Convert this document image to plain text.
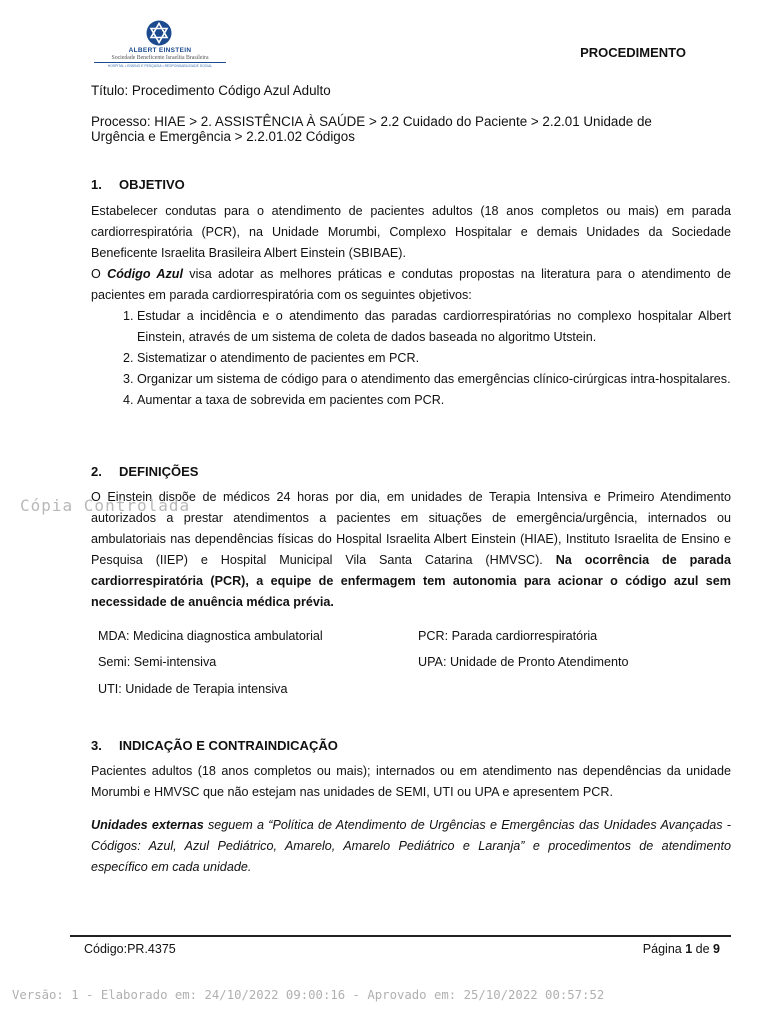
ALBERT EINSTEIN
Sociedade Beneficente Israelita Brasileira
HOSPITAL • ENSINO E PESQUISA • RESPONSABILIDADE SOCIAL
PROCEDIMENTO
Título: Procedimento Código Azul Adulto
Processo: HIAE > 2. ASSISTÊNCIA À SAÚDE > 2.2 Cuidado do Paciente > 2.2.01 Unidade de Urgência e Emergência > 2.2.01.02 Códigos
1. OBJETIVO
Estabelecer condutas para o atendimento de pacientes adultos (18 anos completos ou mais) em parada cardiorrespiratória (PCR), na Unidade Morumbi, Complexo Hospitalar e demais Unidades da Sociedade Beneficente Israelita Brasileira Albert Einstein (SBIBAE).
O Código Azul visa adotar as melhores práticas e condutas propostas na literatura para o atendimento de pacientes em parada cardiorrespiratória com os seguintes objetivos:
1. Estudar a incidência e o atendimento das paradas cardiorrespiratórias no complexo hospitalar Albert Einstein, através de um sistema de coleta de dados baseada no algoritmo Utstein.
2. Sistematizar o atendimento de pacientes em PCR.
3. Organizar um sistema de código para o atendimento das emergências clínico-cirúrgicas intra-hospitalares.
4. Aumentar a taxa de sobrevida em pacientes com PCR.
2. DEFINIÇÕES
O Einstein dispõe de médicos 24 horas por dia, em unidades de Terapia Intensiva e Primeiro Atendimento autorizados a prestar atendimentos a pacientes em situações de emergência/urgência, internados ou ambulatoriais nas dependências físicas do Hospital Israelita Albert Einstein (HIAE), Instituto Israelita de Ensino e Pesquisa (IIEP) e Hospital Municipal Vila Santa Catarina (HMVSC). Na ocorrência de parada cardiorrespiratória (PCR), a equipe de enfermagem tem autonomia para acionar o código azul sem necessidade de anuência médica prévia.
MDA: Medicina diagnostica ambulatorial	PCR: Parada cardiorrespiratória
Semi: Semi-intensiva	UPA: Unidade de Pronto Atendimento
UTI: Unidade de Terapia intensiva
3. INDICAÇÃO E CONTRAINDICAÇÃO
Pacientes adultos (18 anos completos ou mais); internados ou em atendimento nas dependências da unidade Morumbi e HMVSC que não estejam nas unidades de SEMI, UTI ou UPA e apresentem PCR.
Unidades externas seguem a “Política de Atendimento de Urgências e Emergências das Unidades Avançadas - Códigos: Azul, Azul Pediátrico, Amarelo, Amarelo Pediátrico e Laranja” e procedimentos de atendimento específico em cada unidade.
Cópia Controlada
Código:PR.4375	Página 1 de 9
Versão: 1 - Elaborado em: 24/10/2022 09:00:16 - Aprovado em: 25/10/2022 00:57:52
